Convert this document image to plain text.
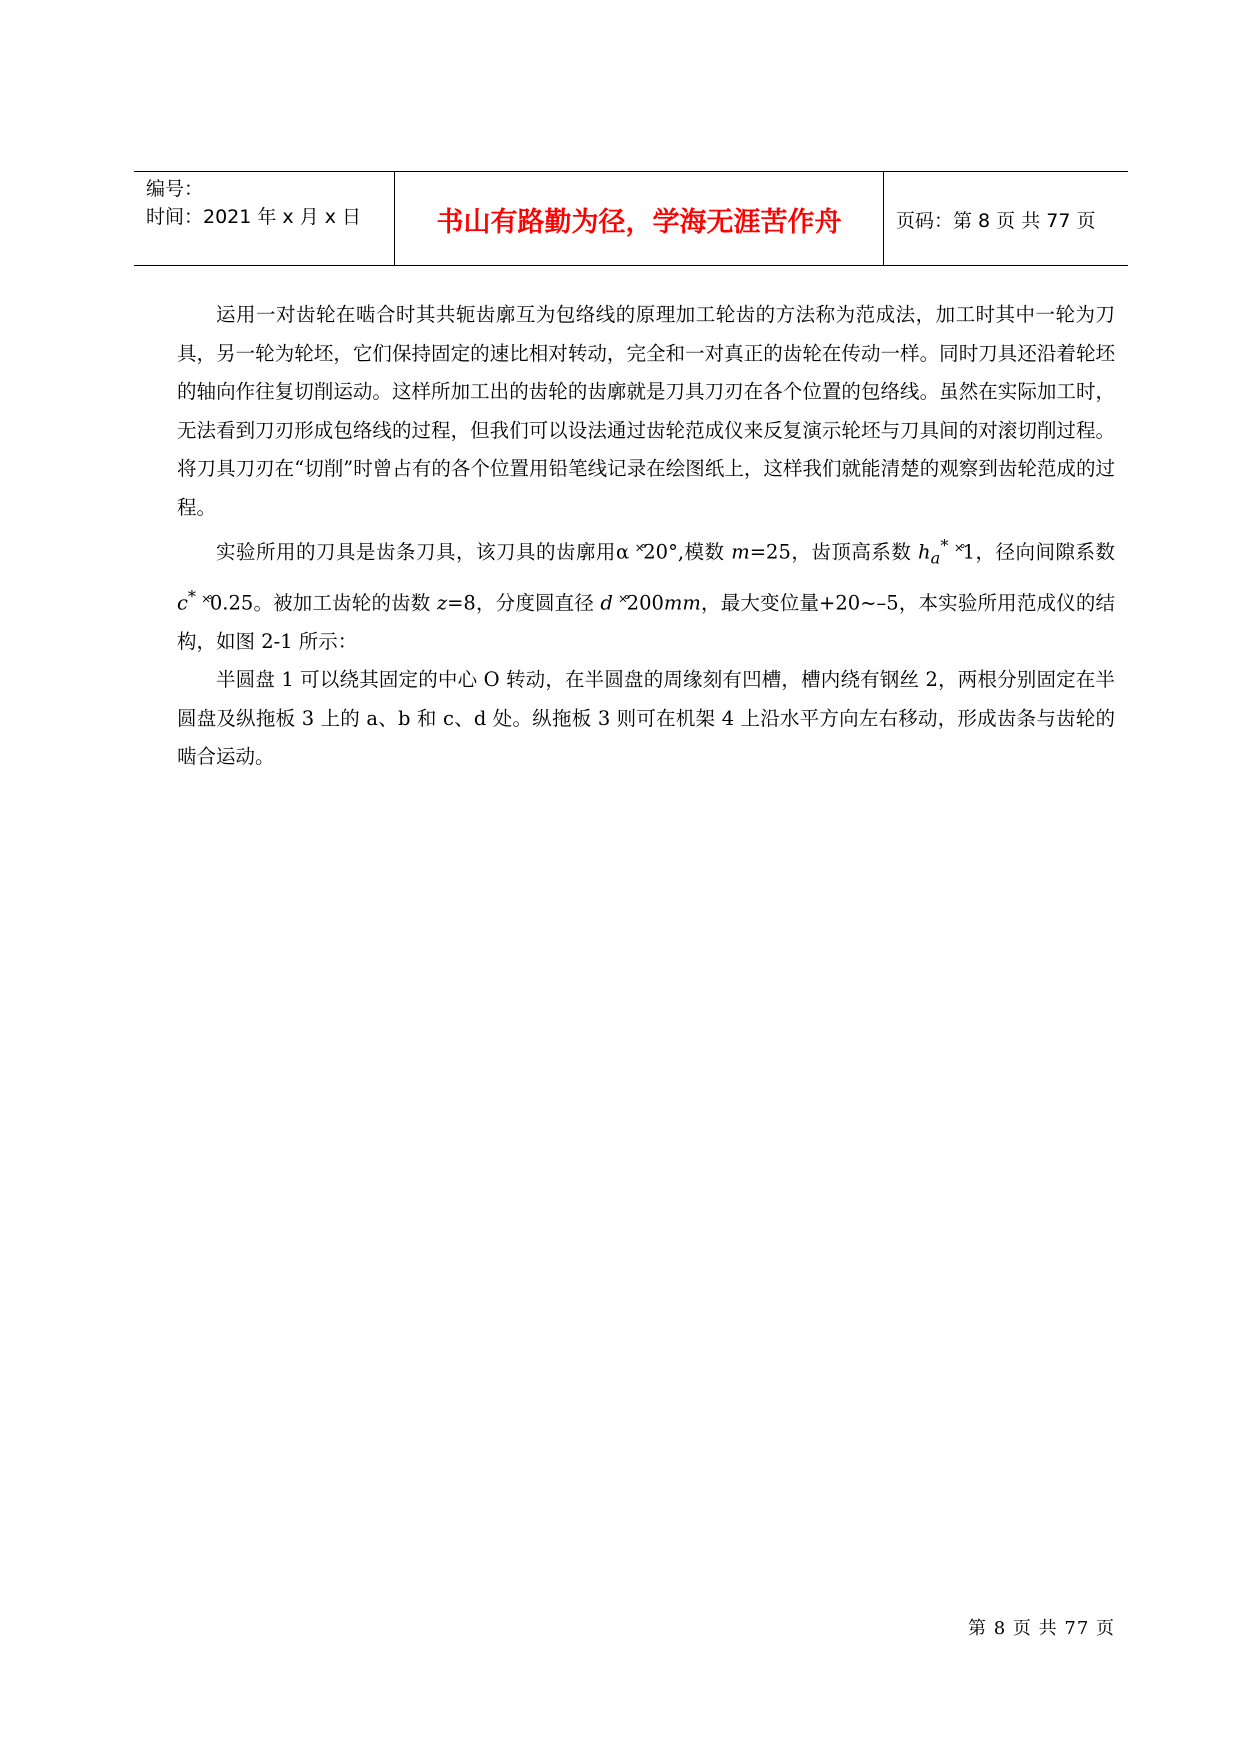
编号：
时间：2021 年 x 月 x 日	书山有路勤为径，学海无涯苦作舟	页码：第 8 页 共 77 页

运用一对齿轮在啮合时其共轭齿廓互为包络线的原理加工轮齿的方法称为范成法，加工时其中一轮为刀具，另一轮为轮坯，它们保持固定的速比相对转动，完全和一对真正的齿轮在传动一样。同时刀具还沿着轮坯的轴向作往复切削运动。这样所加工出的齿轮的齿廓就是刀具刀刃在各个位置的包络线。虽然在实际加工时，无法看到刀刃形成包络线的过程，但我们可以设法通过齿轮范成仪来反复演示轮坯与刀具间的对滚切削过程。将刀具刀刃在“切削”时曾占有的各个位置用铅笔线记录在绘图纸上，这样我们就能清楚的观察到齿轮范成的过程。

实验所用的刀具是齿条刀具，该刀具的齿廓用α ˟̊20°,模数 m=25，齿顶高系数 $h_a^*$ ˟̊1，径向间隙系数 c* ˟̊0.25。被加工齿轮的齿数 z=8，分度圆直径 d ˟̊200mm，最大变位量+20~–5，本实验所用范成仪的结构，如图 2-1 所示：

半圆盘 1 可以绕其固定的中心 O 转动，在半圆盘的周缘刻有凹槽，槽内绕有钢丝 2，两根分别固定在半圆盘及纵拖板 3 上的 a、b 和 c、d 处。纵拖板 3 则可在机架 4 上沿水平方向左右移动，形成齿条与齿轮的啮合运动。

第 8 页 共 77 页
